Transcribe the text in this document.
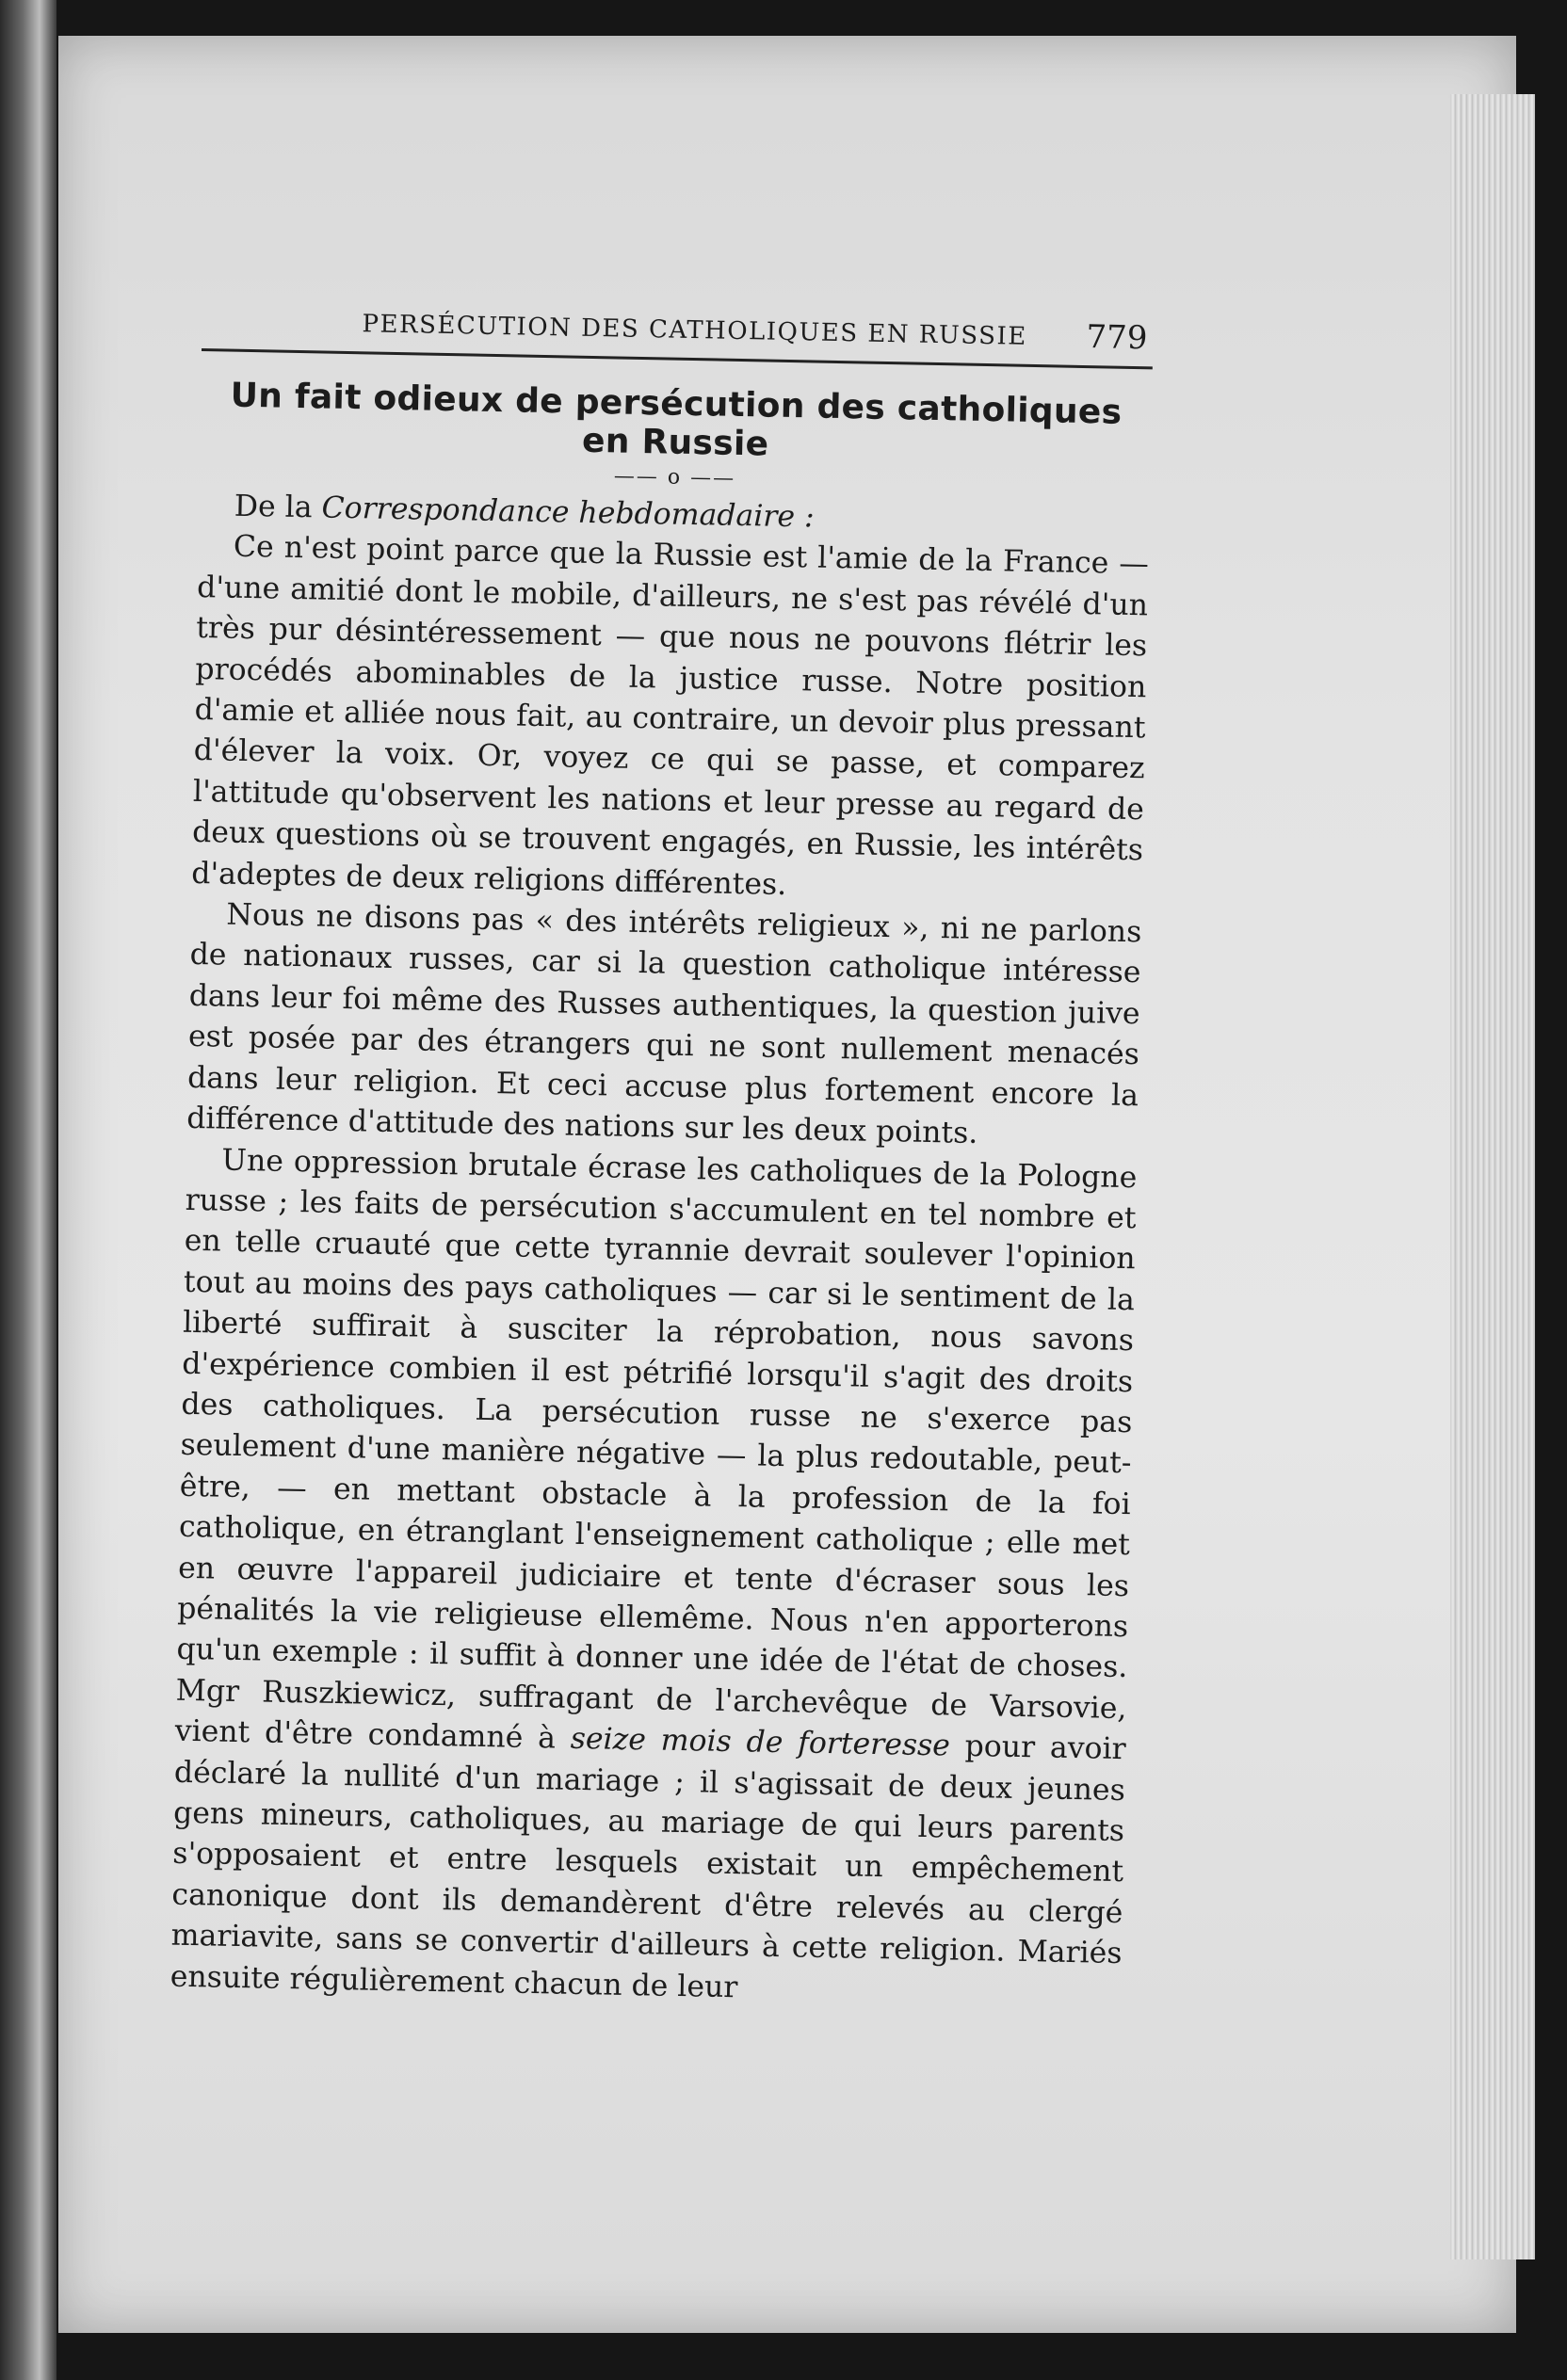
PERSÉCUTION DES CATHOLIQUES EN RUSSIE 779
Un fait odieux de persécution des catholiques en Russie
—— o ——

De la Correspondance hebdomadaire :

Ce n'est point parce que la Russie est l'amie de la France — d'une amitié dont le mobile, d'ailleurs, ne s'est pas révélé d'un très pur désintéressement — que nous ne pouvons flétrir les procédés abominables de la justice russe. Notre position d'amie et alliée nous fait, au contraire, un devoir plus pressant d'élever la voix. Or, voyez ce qui se passe, et comparez l'attitude qu'observent les nations et leur presse au regard de deux questions où se trouvent engagés, en Russie, les intérêts d'adeptes de deux religions différentes.

Nous ne disons pas « des intérêts religieux », ni ne parlons de nationaux russes, car si la question catholique intéresse dans leur foi même des Russes authentiques, la question juive est posée par des étrangers qui ne sont nullement menacés dans leur religion. Et ceci accuse plus fortement encore la différence d'attitude des nations sur les deux points.

Une oppression brutale écrase les catholiques de la Pologne russe ; les faits de persécution s'accumulent en tel nombre et en telle cruauté que cette tyrannie devrait soulever l'opinion tout au moins des pays catholiques — car si le sentiment de la liberté suffirait à susciter la réprobation, nous savons d'expérience combien il est pétrifié lorsqu'il s'agit des droits des catholiques. La persécution russe ne s'exerce pas seulement d'une manière négative — la plus redoutable, peut-être, — en mettant obstacle à la profession de la foi catholique, en étranglant l'enseignement catholique ; elle met en œuvre l'appareil judiciaire et tente d'écraser sous les pénalités la vie religieuse ellemême. Nous n'en apporterons qu'un exemple : il suffit à donner une idée de l'état de choses. Mgr Ruszkiewicz, suffragant de l'archevêque de Varsovie, vient d'être condamné à seize mois de forteresse pour avoir déclaré la nullité d'un mariage ; il s'agissait de deux jeunes gens mineurs, catholiques, au mariage de qui leurs parents s'opposaient et entre lesquels existait un empêchement canonique dont ils demandèrent d'être relevés au clergé mariavite, sans se convertir d'ailleurs à cette religion. Mariés ensuite régulièrement chacun de leur
